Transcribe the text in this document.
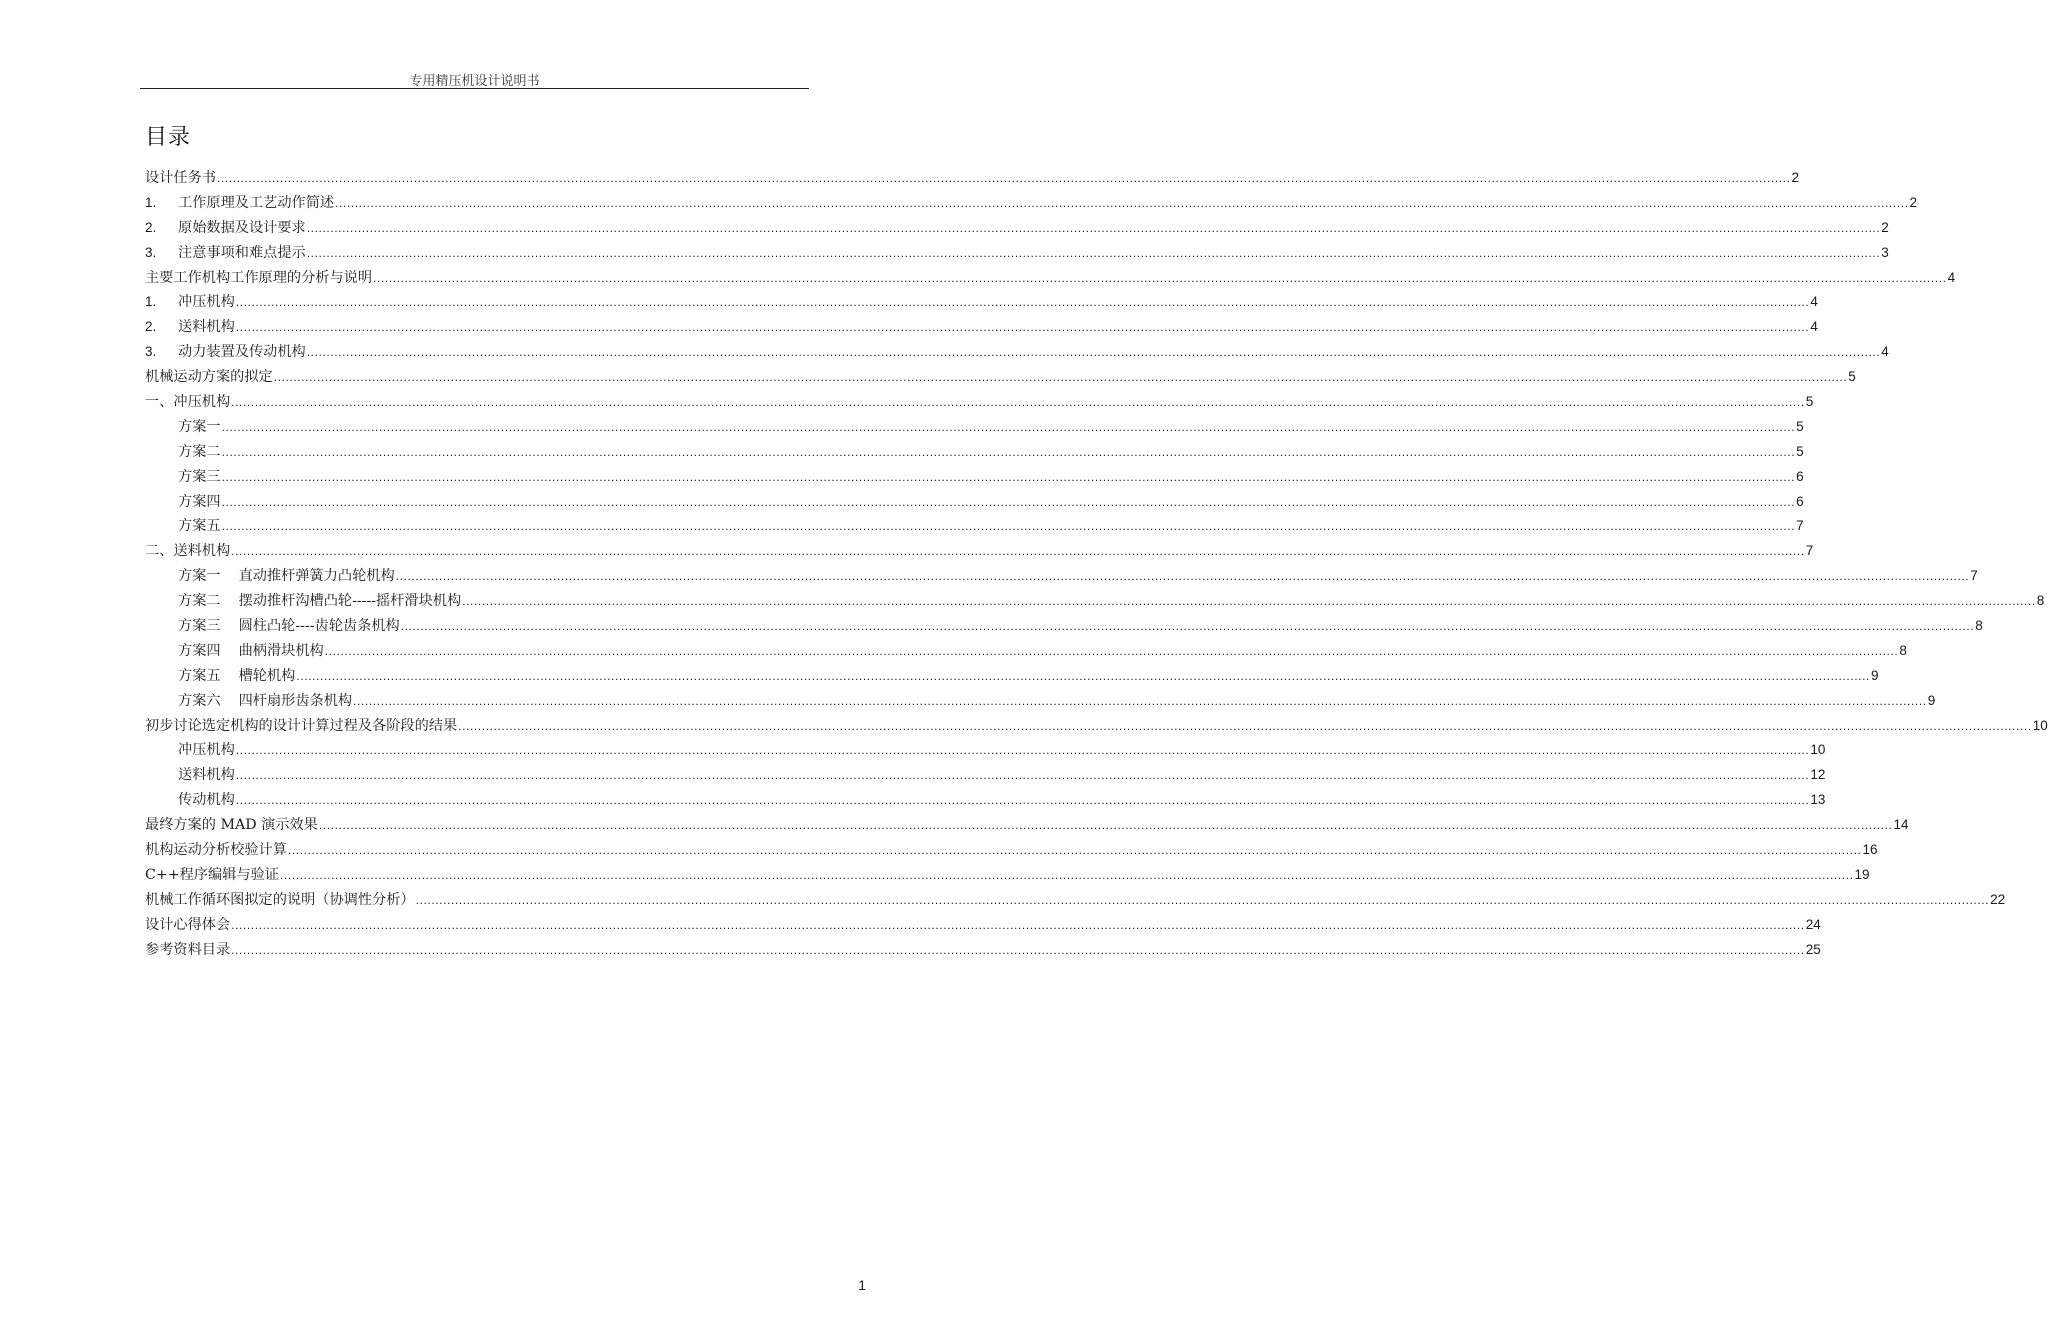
专用精压机设计说明书
目录
设计任务书 ................................................................................................................................................................................................................................................................................................................................................................................................................ 2
1.	工作原理及工艺动作简述 ................................................................................................................................................................................................................................................................................................................................................................................................................ 2
2.	原始数据及设计要求 ................................................................................................................................................................................................................................................................................................................................................................................................................ 2
3.	注意事项和难点提示 ................................................................................................................................................................................................................................................................................................................................................................................................................ 3
主要工作机构工作原理的分析与说明 ................................................................................................................................................................................................................................................................................................................................................................................................................ 4
1.	冲压机构 ................................................................................................................................................................................................................................................................................................................................................................................................................ 4
2.	送料机构 ................................................................................................................................................................................................................................................................................................................................................................................................................ 4
3.	动力装置及传动机构 ................................................................................................................................................................................................................................................................................................................................................................................................................ 4
机械运动方案的拟定 ................................................................................................................................................................................................................................................................................................................................................................................................................ 5
一、冲压机构 ................................................................................................................................................................................................................................................................................................................................................................................................................ 5
方案一 ................................................................................................................................................................................................................................................................................................................................................................................................................ 5
方案二 ................................................................................................................................................................................................................................................................................................................................................................................................................ 5
方案三 ................................................................................................................................................................................................................................................................................................................................................................................................................ 6
方案四 ................................................................................................................................................................................................................................................................................................................................................................................................................ 6
方案五 ................................................................................................................................................................................................................................................................................................................................................................................................................ 7
二、送料机构 ................................................................................................................................................................................................................................................................................................................................................................................................................ 7
方案一 直动推杆弹簧力凸轮机构 ................................................................................................................................................................................................................................................................................................................................................................................................................ 7
方案二 摆动推杆沟槽凸轮-----摇杆滑块机构 ................................................................................................................................................................................................................................................................................................................................................................................................................ 8
方案三 圆柱凸轮----齿轮齿条机构 ................................................................................................................................................................................................................................................................................................................................................................................................................ 8
方案四 曲柄滑块机构 ................................................................................................................................................................................................................................................................................................................................................................................................................ 8
方案五 槽轮机构 ................................................................................................................................................................................................................................................................................................................................................................................................................ 9
方案六 四杆扇形齿条机构 ................................................................................................................................................................................................................................................................................................................................................................................................................ 9
初步讨论选定机构的设计计算过程及各阶段的结果 ................................................................................................................................................................................................................................................................................................................................................................................................................ 10
冲压机构 ................................................................................................................................................................................................................................................................................................................................................................................................................ 10
送料机构 ................................................................................................................................................................................................................................................................................................................................................................................................................ 12
传动机构 ................................................................................................................................................................................................................................................................................................................................................................................................................ 13
最终方案的 MAD 演示效果 ................................................................................................................................................................................................................................................................................................................................................................................................................ 14
机构运动分析校验计算 ................................................................................................................................................................................................................................................................................................................................................................................................................ 16
C++程序编辑与验证 ................................................................................................................................................................................................................................................................................................................................................................................................................ 19
机械工作循环图拟定的说明（协调性分析） ................................................................................................................................................................................................................................................................................................................................................................................................................ 22
设计心得体会 ................................................................................................................................................................................................................................................................................................................................................................................................................ 24
参考资料目录 ................................................................................................................................................................................................................................................................................................................................................................................................................ 25
1
